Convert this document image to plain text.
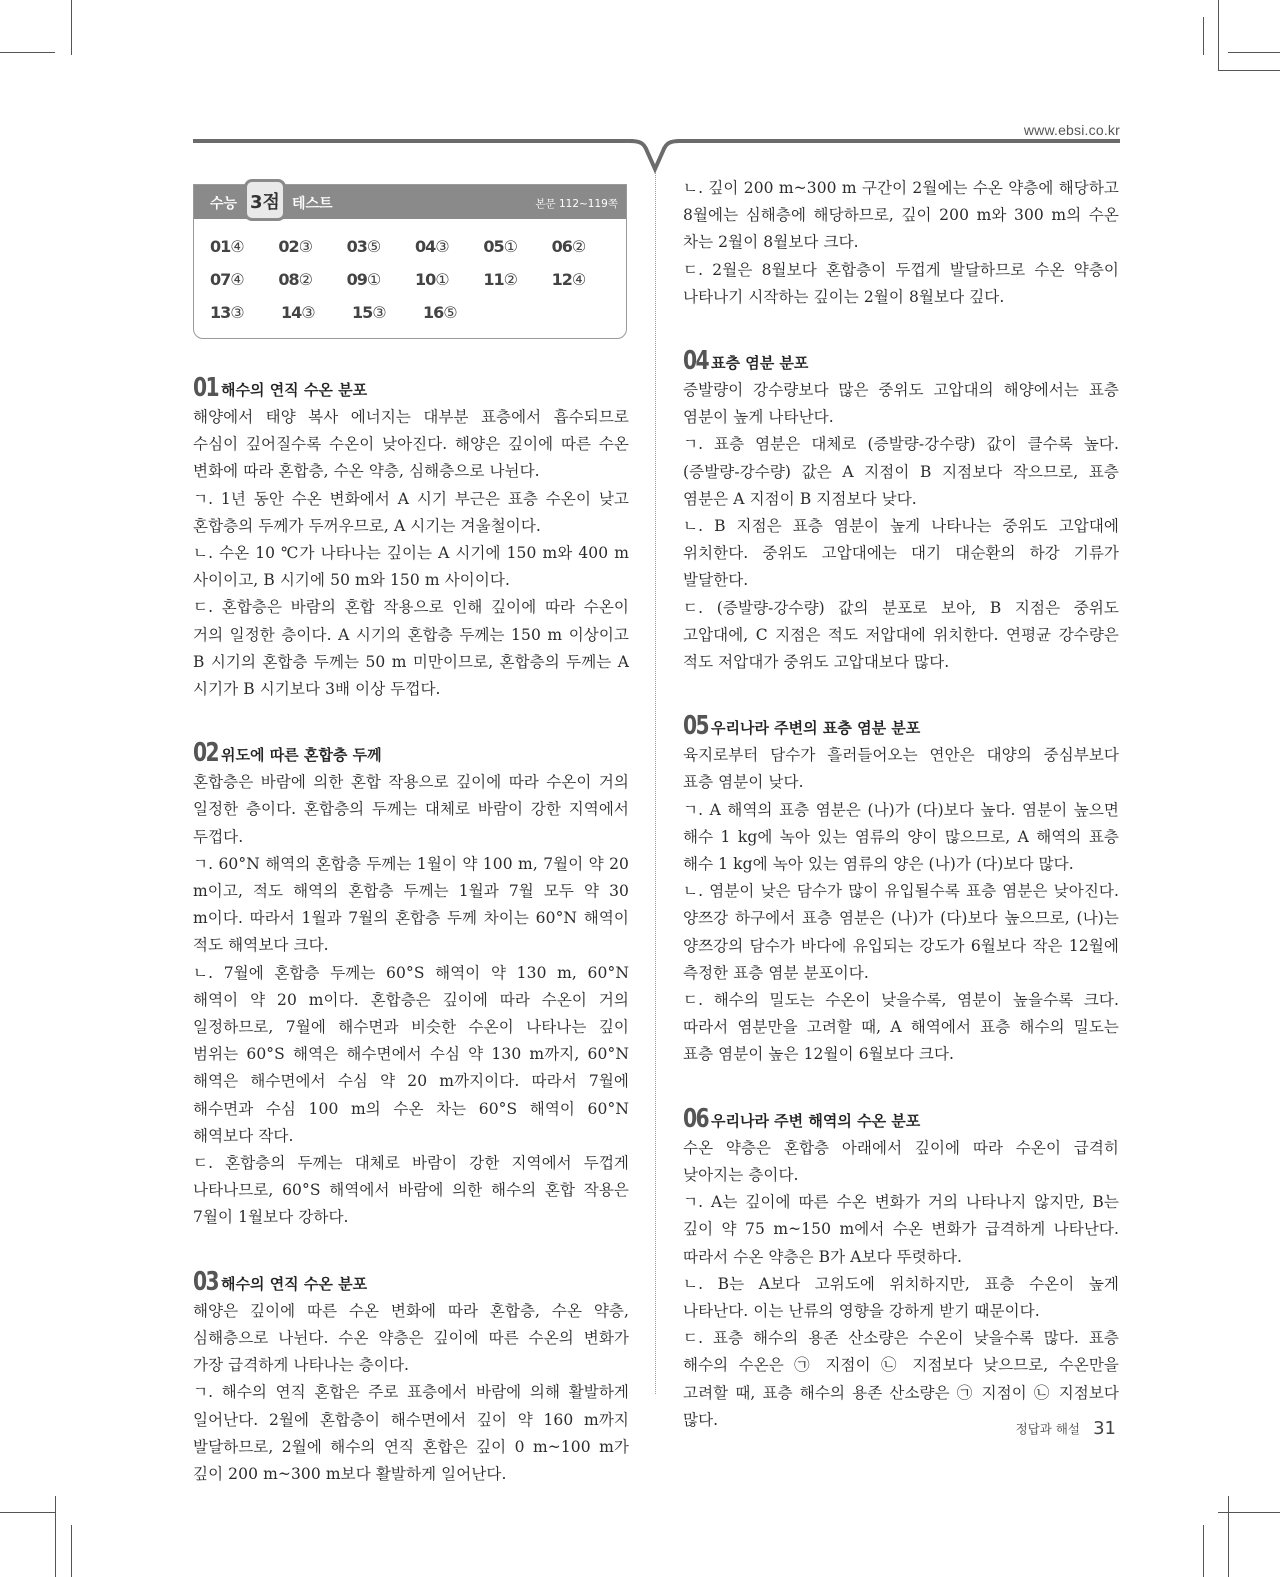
www.ebsi.co.kr
수능 3점 테스트	본문 112~119쪽
01④	02③	03⑤	04③	05①	06②
07④	08②	09①	10①	11②	12④
13③	14③	15③	16⑤
01 해수의 연직 수온 분포

해양에서 태양 복사 에너지는 대부분 표층에서 흡수되므로 수심이 깊어질수록 수온이 낮아진다. 해양은 깊이에 따른 수온 변화에 따라 혼합층, 수온 약층, 심해층으로 나뉜다.

ㄱ. 1년 동안 수온 변화에서 A 시기 부근은 표층 수온이 낮고 혼합층의 두께가 두꺼우므로, A 시기는 겨울철이다.

ㄴ. 수온 10 ℃가 나타나는 깊이는 A 시기에 150 m와 400 m 사이이고, B 시기에 50 m와 150 m 사이이다.

ㄷ. 혼합층은 바람의 혼합 작용으로 인해 깊이에 따라 수온이 거의 일정한 층이다. A 시기의 혼합층 두께는 150 m 이상이고 B 시기의 혼합층 두께는 50 m 미만이므로, 혼합층의 두께는 A 시기가 B 시기보다 3배 이상 두껍다.

02 위도에 따른 혼합층 두께

혼합층은 바람에 의한 혼합 작용으로 깊이에 따라 수온이 거의 일정한 층이다. 혼합층의 두께는 대체로 바람이 강한 지역에서 두껍다.

ㄱ. 60°N 해역의 혼합층 두께는 1월이 약 100 m, 7월이 약 20 m이고, 적도 해역의 혼합층 두께는 1월과 7월 모두 약 30 m이다. 따라서 1월과 7월의 혼합층 두께 차이는 60°N 해역이 적도 해역보다 크다.

ㄴ. 7월에 혼합층 두께는 60°S 해역이 약 130 m, 60°N 해역이 약 20 m이다. 혼합층은 깊이에 따라 수온이 거의 일정하므로, 7월에 해수면과 비슷한 수온이 나타나는 깊이 범위는 60°S 해역은 해수면에서 수심 약 130 m까지, 60°N 해역은 해수면에서 수심 약 20 m까지이다. 따라서 7월에 해수면과 수심 100 m의 수온 차는 60°S 해역이 60°N 해역보다 작다.

ㄷ. 혼합층의 두께는 대체로 바람이 강한 지역에서 두껍게 나타나므로, 60°S 해역에서 바람에 의한 해수의 혼합 작용은 7월이 1월보다 강하다.

03 해수의 연직 수온 분포

해양은 깊이에 따른 수온 변화에 따라 혼합층, 수온 약층, 심해층으로 나뉜다. 수온 약층은 깊이에 따른 수온의 변화가 가장 급격하게 나타나는 층이다.

ㄱ. 해수의 연직 혼합은 주로 표층에서 바람에 의해 활발하게 일어난다. 2월에 혼합층이 해수면에서 깊이 약 160 m까지 발달하므로, 2월에 해수의 연직 혼합은 깊이 0 m~100 m가 깊이 200 m~300 m보다 활발하게 일어난다.

ㄴ. 깊이 200 m~300 m 구간이 2월에는 수온 약층에 해당하고 8월에는 심해층에 해당하므로, 깊이 200 m와 300 m의 수온 차는 2월이 8월보다 크다.

ㄷ. 2월은 8월보다 혼합층이 두껍게 발달하므로 수온 약층이 나타나기 시작하는 깊이는 2월이 8월보다 깊다.

04 표층 염분 분포

증발량이 강수량보다 많은 중위도 고압대의 해양에서는 표층 염분이 높게 나타난다.

ㄱ. 표층 염분은 대체로 (증발량-강수량) 값이 클수록 높다. (증발량-강수량) 값은 A 지점이 B 지점보다 작으므로, 표층 염분은 A 지점이 B 지점보다 낮다.

ㄴ. B 지점은 표층 염분이 높게 나타나는 중위도 고압대에 위치한다. 중위도 고압대에는 대기 대순환의 하강 기류가 발달한다.

ㄷ. (증발량-강수량) 값의 분포로 보아, B 지점은 중위도 고압대에, C 지점은 적도 저압대에 위치한다. 연평균 강수량은 적도 저압대가 중위도 고압대보다 많다.

05 우리나라 주변의 표층 염분 분포

육지로부터 담수가 흘러들어오는 연안은 대양의 중심부보다 표층 염분이 낮다.

ㄱ. A 해역의 표층 염분은 (나)가 (다)보다 높다. 염분이 높으면 해수 1 kg에 녹아 있는 염류의 양이 많으므로, A 해역의 표층 해수 1 kg에 녹아 있는 염류의 양은 (나)가 (다)보다 많다.

ㄴ. 염분이 낮은 담수가 많이 유입될수록 표층 염분은 낮아진다. 양쯔강 하구에서 표층 염분은 (나)가 (다)보다 높으므로, (나)는 양쯔강의 담수가 바다에 유입되는 강도가 6월보다 작은 12월에 측정한 표층 염분 분포이다.

ㄷ. 해수의 밀도는 수온이 낮을수록, 염분이 높을수록 크다. 따라서 염분만을 고려할 때, A 해역에서 표층 해수의 밀도는 표층 염분이 높은 12월이 6월보다 크다.

06 우리나라 주변 해역의 수온 분포

수온 약층은 혼합층 아래에서 깊이에 따라 수온이 급격히 낮아지는 층이다.

ㄱ. A는 깊이에 따른 수온 변화가 거의 나타나지 않지만, B는 깊이 약 75 m~150 m에서 수온 변화가 급격하게 나타난다. 따라서 수온 약층은 B가 A보다 뚜렷하다.

ㄴ. B는 A보다 고위도에 위치하지만, 표층 수온이 높게 나타난다. 이는 난류의 영향을 강하게 받기 때문이다.

ㄷ. 표층 해수의 용존 산소량은 수온이 낮을수록 많다. 표층 해수의 수온은 ㉠ 지점이 ㉡ 지점보다 낮으므로, 수온만을 고려할 때, 표층 해수의 용존 산소량은 ㉠ 지점이 ㉡ 지점보다 많다.

정답과 해설 31
